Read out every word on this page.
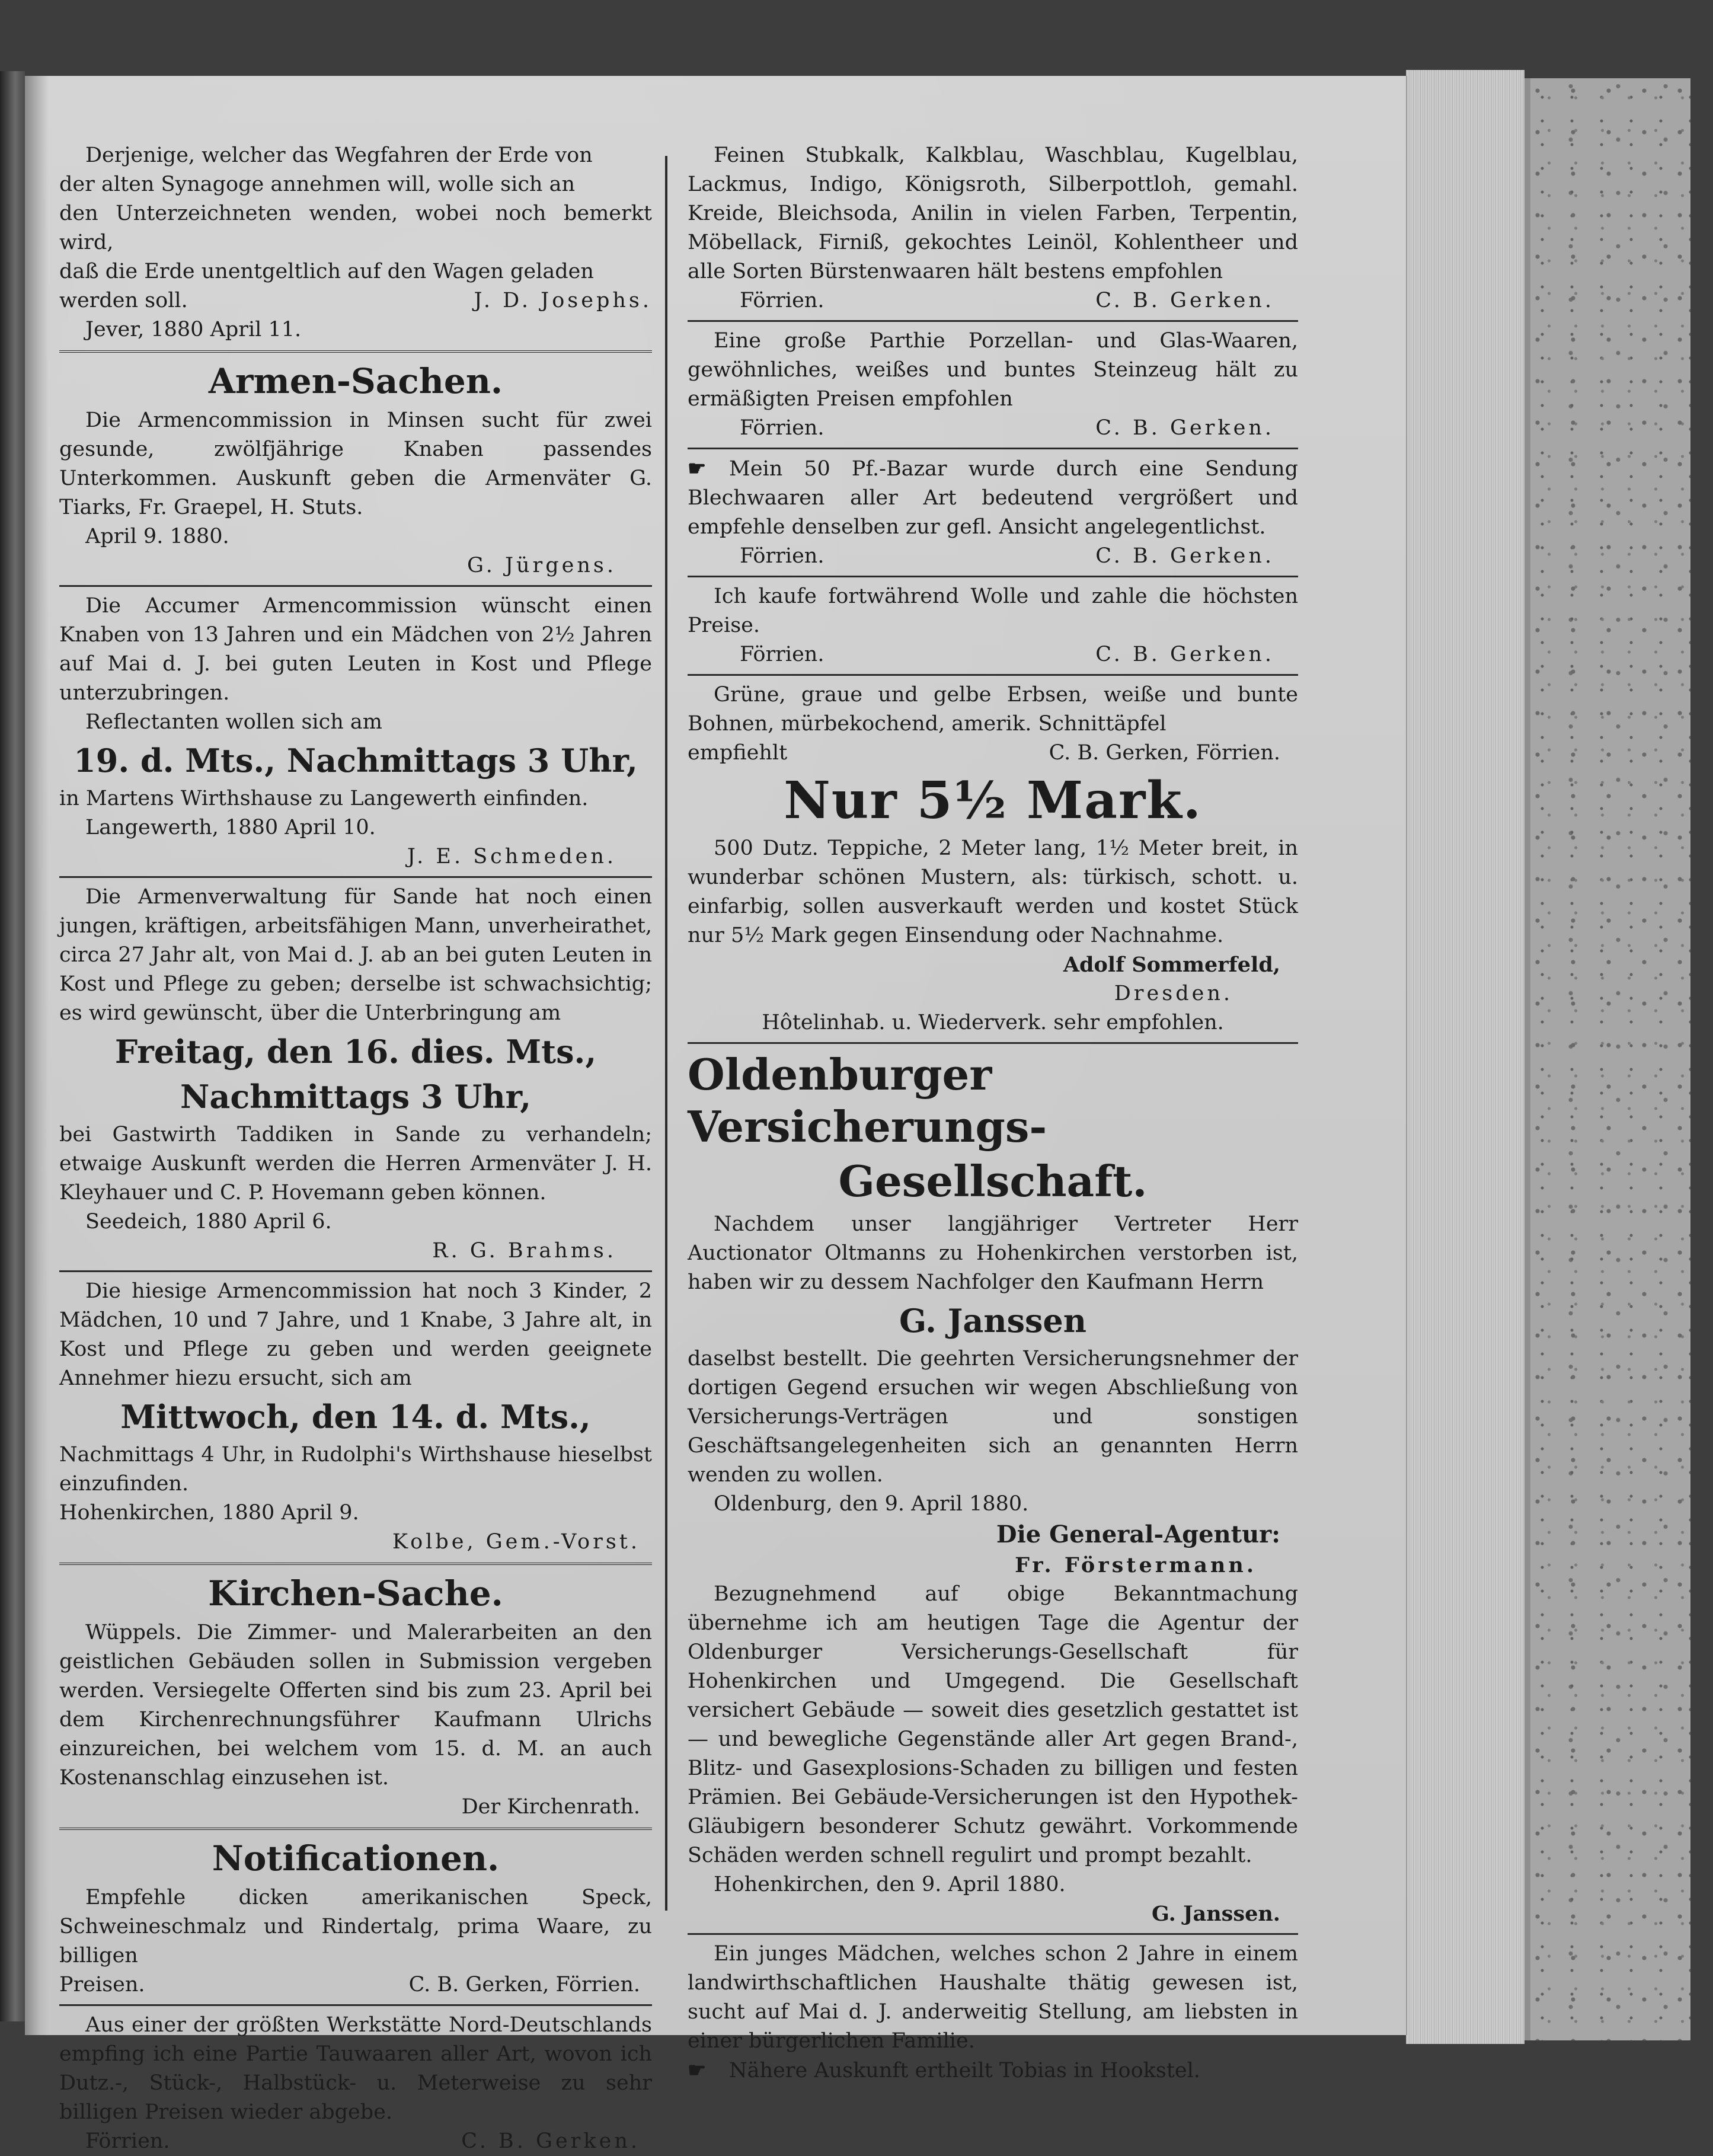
Derjenige, welcher das Wegfahren der Erde von

der alten Synagoge annehmen will, wolle sich an

den Unterzeichneten wenden, wobei noch bemerkt wird,

daß die Erde unentgeltlich auf den Wagen geladen

werden soll.	J. D. Josephs.

Jever, 1880 April 11.

Armen-Sachen.

Die Armencommission in Minsen sucht für zwei gesunde, zwölfjährige Knaben passendes Unterkommen. Auskunft geben die Armenväter G. Tiarks, Fr. Graepel, H. Stuts.

April 9. 1880.

G. Jürgens.

Die Accumer Armencommission wünscht einen Knaben von 13 Jahren und ein Mädchen von 2½ Jahren auf Mai d. J. bei guten Leuten in Kost und Pflege unterzubringen.

Reflectanten wollen sich am

19. d. Mts., Nachmittags 3 Uhr,

in Martens Wirthshause zu Langewerth einfinden.

Langewerth, 1880 April 10.

J. E. Schmeden.

Die Armenverwaltung für Sande hat noch einen jungen, kräftigen, arbeitsfähigen Mann, unverheirathet, circa 27 Jahr alt, von Mai d. J. ab an bei guten Leuten in Kost und Pflege zu geben; derselbe ist schwachsichtig; es wird gewünscht, über die Unterbringung am

Freitag, den 16. dies. Mts.,
Nachmittags 3 Uhr,

bei Gastwirth Taddiken in Sande zu verhandeln; etwaige Auskunft werden die Herren Armenväter J. H. Kleyhauer und C. P. Hovemann geben können.

Seedeich, 1880 April 6.

R. G. Brahms.

Die hiesige Armencommission hat noch 3 Kinder, 2 Mädchen, 10 und 7 Jahre, und 1 Knabe, 3 Jahre alt, in Kost und Pflege zu geben und werden geeignete Annehmer hiezu ersucht, sich am

Mittwoch, den 14. d. Mts.,

Nachmittags 4 Uhr, in Rudolphi's Wirthshause hieselbst einzufinden.

Hohenkirchen, 1880 April 9.

Kolbe, Gem.-Vorst.

Kirchen-Sache.

Wüppels. Die Zimmer- und Malerarbeiten an den geistlichen Gebäuden sollen in Submission vergeben werden. Versiegelte Offerten sind bis zum 23. April bei dem Kirchenrechnungsführer Kaufmann Ulrichs einzureichen, bei welchem vom 15. d. M. an auch Kostenanschlag einzusehen ist.

Der Kirchenrath.

Notificationen.

Empfehle dicken amerikanischen Speck, Schweineschmalz und Rindertalg, prima Waare, zu billigen

Preisen.	C. B. Gerken, Förrien.

Aus einer der größten Werkstätte Nord-Deutschlands empfing ich eine Partie Tauwaaren aller Art, wovon ich Dutz.-, Stück-, Halbstück- u. Meterweise zu sehr billigen Preisen wieder abgebe.

Förrien.	C. B. Gerken.

Feinen Stubkalk, Kalkblau, Waschblau, Kugelblau, Lackmus, Indigo, Königsroth, Silberpottloh, gemahl. Kreide, Bleichsoda, Anilin in vielen Farben, Terpentin, Möbellack, Firniß, gekochtes Leinöl, Kohlentheer und alle Sorten Bürstenwaaren hält bestens empfohlen

Förrien.	C. B. Gerken.

Eine große Parthie Porzellan- und Glas-Waaren, gewöhnliches, weißes und buntes Steinzeug hält zu ermäßigten Preisen empfohlen

Förrien.	C. B. Gerken.

☛ Mein 50 Pf.-Bazar wurde durch eine Sendung Blechwaaren aller Art bedeutend vergrößert und empfehle denselben zur gefl. Ansicht angelegentlichst.

Förrien.	C. B. Gerken.

Ich kaufe fortwährend Wolle und zahle die höchsten Preise.

Förrien.	C. B. Gerken.

Grüne, graue und gelbe Erbsen, weiße und bunte Bohnen, mürbekochend, amerik. Schnittäpfel

empfiehlt	C. B. Gerken, Förrien.
Nur 5½ Mark.

500 Dutz. Teppiche, 2 Meter lang, 1½ Meter breit, in wunderbar schönen Mustern, als: türkisch, schott. u. einfarbig, sollen ausverkauft werden und kostet Stück nur 5½ Mark gegen Einsendung oder Nachnahme.

Adolf Sommerfeld,

Dresden.

Hôtelinhab. u. Wiederverk. sehr empfohlen.

Oldenburger Versicherungs-
Gesellschaft.

Nachdem unser langjähriger Vertreter Herr Auctionator Oltmanns zu Hohenkirchen verstorben ist, haben wir zu dessem Nachfolger den Kaufmann Herrn

G. Janssen

daselbst bestellt. Die geehrten Versicherungsnehmer der dortigen Gegend ersuchen wir wegen Abschließung von Versicherungs-Verträgen und sonstigen Geschäftsangelegenheiten sich an genannten Herrn wenden zu wollen.

Oldenburg, den 9. April 1880.

Die General-Agentur:

Fr. Förstermann.

Bezugnehmend auf obige Bekanntmachung übernehme ich am heutigen Tage die Agentur der Oldenburger Versicherungs-Gesellschaft für Hohenkirchen und Umgegend. Die Gesellschaft versichert Gebäude — soweit dies gesetzlich gestattet ist — und bewegliche Gegenstände aller Art gegen Brand-, Blitz- und Gasexplosions-Schaden zu billigen und festen Prämien. Bei Gebäude-Versicherungen ist den Hypothek-Gläubigern besonderer Schutz gewährt. Vorkommende Schäden werden schnell regulirt und prompt bezahlt.

Hohenkirchen, den 9. April 1880.

G. Janssen.

Ein junges Mädchen, welches schon 2 Jahre in einem landwirthschaftlichen Haushalte thätig gewesen ist, sucht auf Mai d. J. anderweitig Stellung, am liebsten in einer bürgerlichen Familie.

☛ Nähere Auskunft ertheilt Tobias in Hookstel.
